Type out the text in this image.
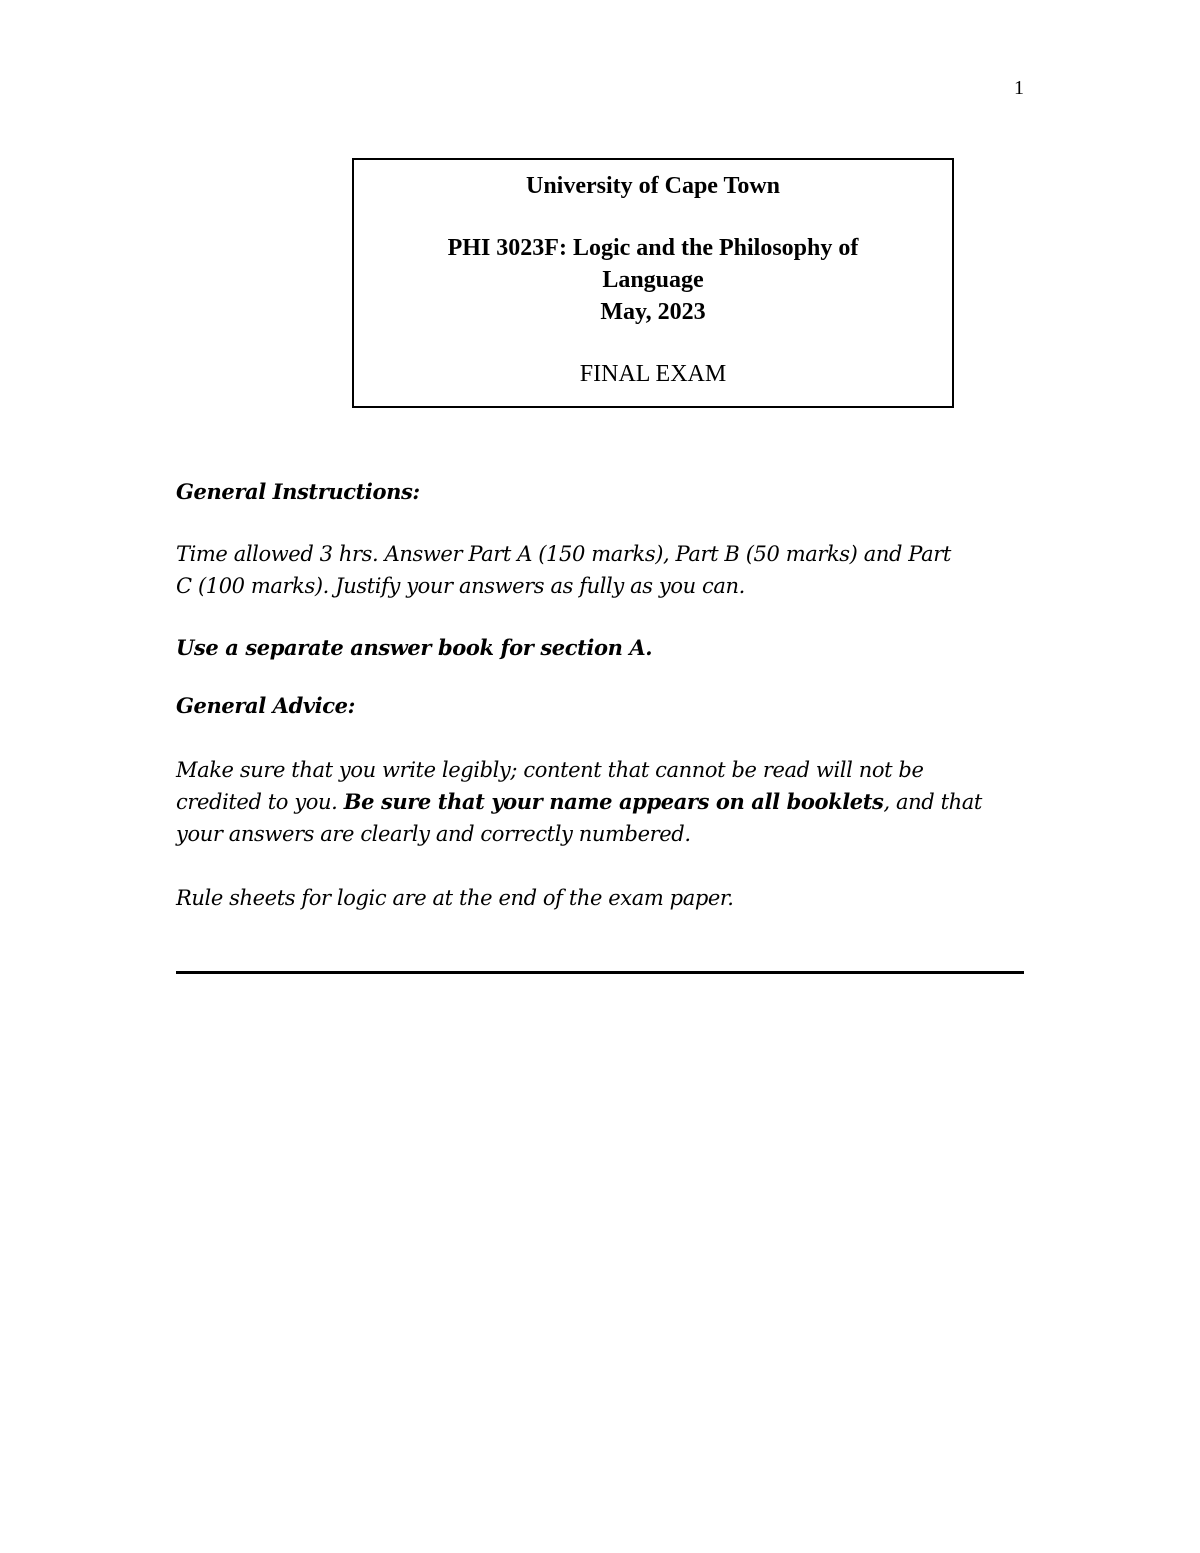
1
University of Cape Town
PHI 3023F: Logic and the Philosophy of
Language
May, 2023
FINAL EXAM

General Instructions:

Time allowed 3 hrs. Answer Part A (150 marks), Part B (50 marks) and Part

C (100 marks). Justify your answers as fully as you can.

Use a separate answer book for section A.

General Advice:

Make sure that you write legibly; content that cannot be read will not be

credited to you. Be sure that your name appears on all booklets, and that

your answers are clearly and correctly numbered.

Rule sheets for logic are at the end of the exam paper.
